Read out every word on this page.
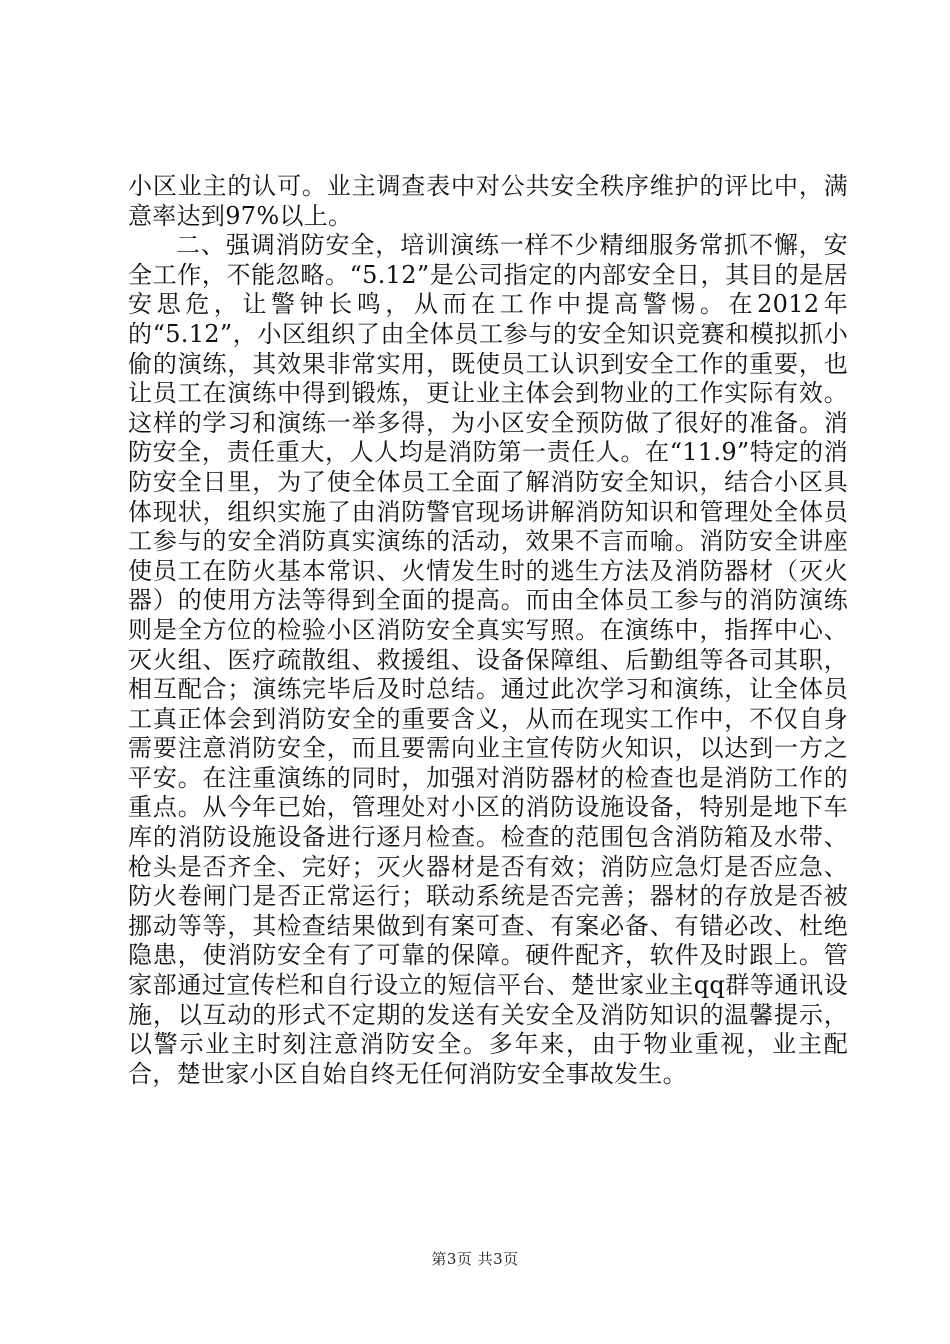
小区业主的认可。业主调查表中对公共安全秩序维护的评比中，满意率达到97%以上。

二、强调消防安全，培训演练一样不少精细服务常抓不懈，安全工作，不能忽略。“5.12”是公司指定的内部安全日，其目的是居安思危，让警钟长鸣，从而在工作中提高警惕。在2012年的“5.12”，小区组织了由全体员工参与的安全知识竞赛和模拟抓小偷的演练，其效果非常实用，既使员工认识到安全工作的重要，也让员工在演练中得到锻炼，更让业主体会到物业的工作实际有效。这样的学习和演练一举多得，为小区安全预防做了很好的准备。消防安全，责任重大，人人均是消防第一责任人。在“11.9”特定的消防安全日里，为了使全体员工全面了解消防安全知识，结合小区具体现状，组织实施了由消防警官现场讲解消防知识和管理处全体员工参与的安全消防真实演练的活动，效果不言而喻。消防安全讲座使员工在防火基本常识、火情发生时的逃生方法及消防器材（灭火器）的使用方法等得到全面的提高。而由全体员工参与的消防演练则是全方位的检验小区消防安全真实写照。在演练中，指挥中心、灭火组、医疗疏散组、救援组、设备保障组、后勤组等各司其职，相互配合；演练完毕后及时总结。通过此次学习和演练，让全体员工真正体会到消防安全的重要含义，从而在现实工作中，不仅自身需要注意消防安全，而且要需向业主宣传防火知识，以达到一方之平安。在注重演练的同时，加强对消防器材的检查也是消防工作的重点。从今年已始，管理处对小区的消防设施设备，特别是地下车库的消防设施设备进行逐月检查。检查的范围包含消防箱及水带、枪头是否齐全、完好；灭火器材是否有效；消防应急灯是否应急、防火卷闸门是否正常运行；联动系统是否完善；器材的存放是否被挪动等等，其检查结果做到有案可查、有案必备、有错必改、杜绝隐患，使消防安全有了可靠的保障。硬件配齐，软件及时跟上。管家部通过宣传栏和自行设立的短信平台、楚世家业主qq群等通讯设施，以互动的形式不定期的发送有关安全及消防知识的温馨提示，以警示业主时刻注意消防安全。多年来，由于物业重视，业主配合，楚世家小区自始自终无任何消防安全事故发生。

第3页 共3页
